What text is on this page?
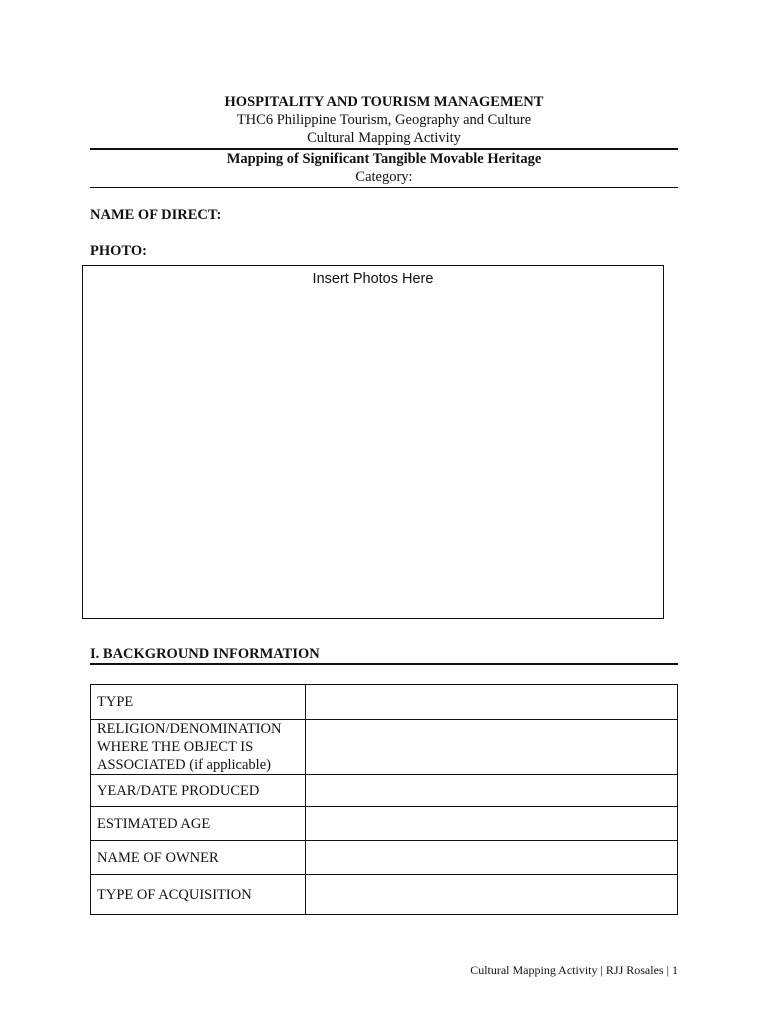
HOSPITALITY AND TOURISM MANAGEMENT
THC6 Philippine Tourism, Geography and Culture
Cultural Mapping Activity
Mapping of Significant Tangible Movable Heritage
Category:
NAME OF DIRECT:
PHOTO:
Insert Photos Here
I. BACKGROUND INFORMATION
TYPE	
RELIGION/DENOMINATION WHERE THE OBJECT IS ASSOCIATED (if applicable)	
YEAR/DATE PRODUCED	
ESTIMATED AGE	
NAME OF OWNER	
TYPE OF ACQUISITION	
Cultural Mapping Activity | RJJ Rosales | 1
